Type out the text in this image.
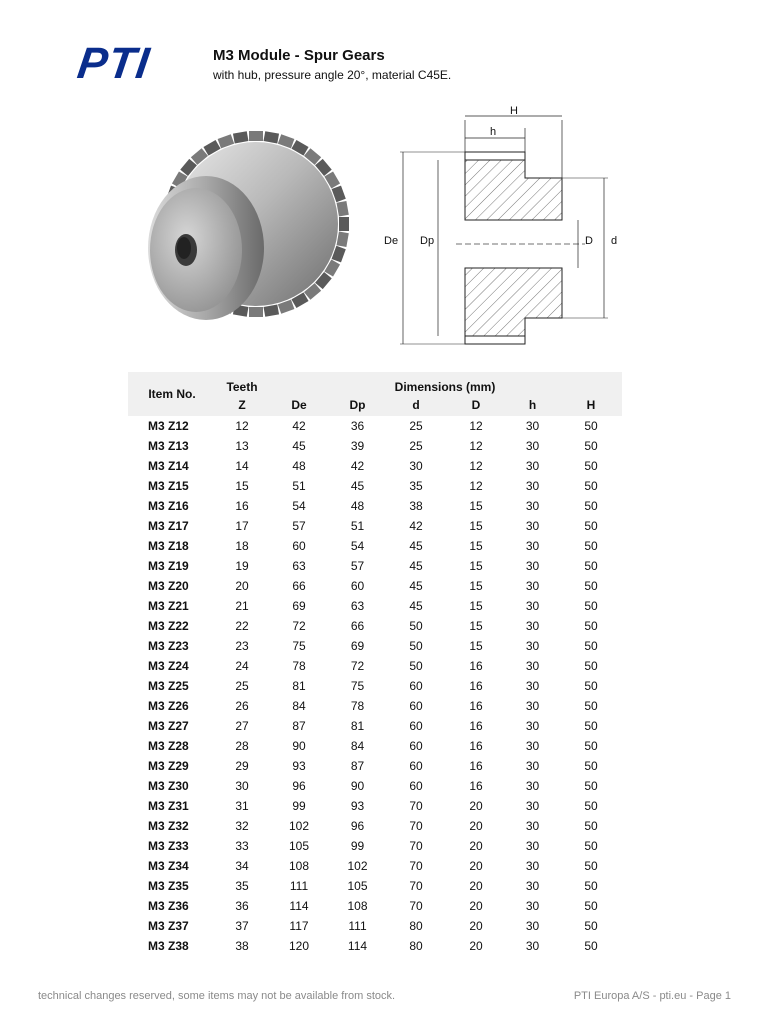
PTI	M3 Module - Spur Gears
with hub, pressure angle 20°, material C45E.
H
h
De Dp	D d
Item No.	Teeth	Dimensions (mm)					
	Z	De	Dp	d	D	h	H
M3 Z12	12	42	36	25	12	30	50
M3 Z13	13	45	39	25	12	30	50
M3 Z14	14	48	42	30	12	30	50
M3 Z15	15	51	45	35	12	30	50
M3 Z16	16	54	48	38	15	30	50
M3 Z17	17	57	51	42	15	30	50
M3 Z18	18	60	54	45	15	30	50
M3 Z19	19	63	57	45	15	30	50
M3 Z20	20	66	60	45	15	30	50
M3 Z21	21	69	63	45	15	30	50
M3 Z22	22	72	66	50	15	30	50
M3 Z23	23	75	69	50	15	30	50
M3 Z24	24	78	72	50	16	30	50
M3 Z25	25	81	75	60	16	30	50
M3 Z26	26	84	78	60	16	30	50
M3 Z27	27	87	81	60	16	30	50
M3 Z28	28	90	84	60	16	30	50
M3 Z29	29	93	87	60	16	30	50
M3 Z30	30	96	90	60	16	30	50
M3 Z31	31	99	93	70	20	30	50
M3 Z32	32	102	96	70	20	30	50
M3 Z33	33	105	99	70	20	30	50
M3 Z34	34	108	102	70	20	30	50
M3 Z35	35	111	105	70	20	30	50
M3 Z36	36	114	108	70	20	30	50
M3 Z37	37	117	111	80	20	30	50
M3 Z38	38	120	114	80	20	30	50
technical changes reserved, some items may not be available from stock.	PTI Europa A/S - pti.eu - Page 1
